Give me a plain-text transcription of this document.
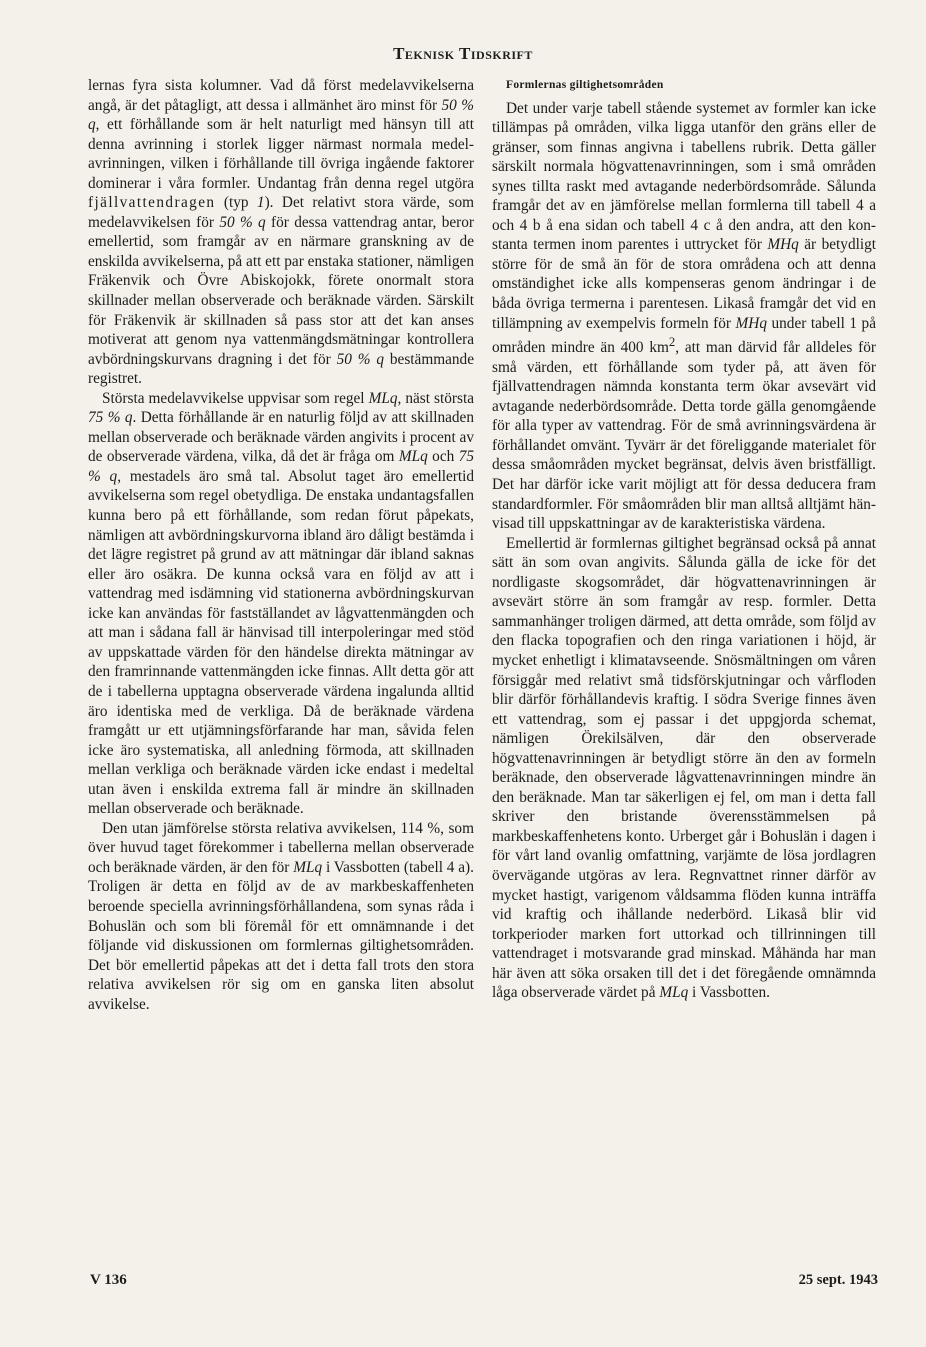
Teknisk Tidskrift

lernas fyra sista kolumner. Vad då först medelavvikelserna angå, är det påtagligt, att dessa i allmänhet äro minst för 50 % q, ett förhållande som är helt naturligt med hänsyn till att denna avrinning i storlek ligger närmast normala medelavrinningen, vilken i förhållande till övriga ingående faktorer dominerar i våra formler. Undantag från denna regel utgöra fjällvattendragen (typ 1). Det relativt stora värde, som medelavvikelsen för 50 % q för dessa vattendrag antar, beror emellertid, som framgår av en närmare granskning av de enskilda avvikelserna, på att ett par enstaka stationer, nämligen Fräkenvik och Övre Abiskojokk, förete onormalt stora skillnader mellan observerade och beräknade värden. Särskilt för Fräkenvik är skillnaden så pass stor att det kan anses motiverat att genom nya vattenmängdsmätningar kontrollera avbördningskurvans dragning i det för 50 % q bestämmande registret.

Största medelavvikelse uppvisar som regel MLq, näst största 75 % q. Detta förhållande är en naturlig följd av att skillnaden mellan observerade och beräknade värden angivits i procent av de observerade värdena, vilka, då det är fråga om MLq och 75 % q, mestadels äro små tal. Absolut taget äro emellertid avvikelserna som regel obetydliga. De enstaka undantagsfallen kunna bero på ett förhållande, som redan förut påpekats, nämligen att avbördningskurvorna ibland äro dåligt bestämda i det lägre registret på grund av att mätningar där ibland saknas eller äro osäkra. De kunna också vara en följd av att i vattendrag med isdämning vid stationerna avbördningskurvan icke kan användas för fastställandet av lågvattenmängden och att man i sådana fall är hänvisad till interpoleringar med stöd av uppskattade värden för den händelse direkta mätningar av den framrinnande vattenmängden icke finnas. Allt detta gör att de i tabellerna upptagna observerade värdena ingalunda alltid äro identiska med de verkliga. Då de beräknade värdena framgått ur ett utjämningsförfarande har man, såvida felen icke äro systematiska, all anledning förmoda, att skillnaden mellan verkliga och beräknade värden icke endast i medeltal utan även i enskilda extrema fall är mindre än skillnaden mellan observerade och beräknade.

Den utan jämförelse största relativa avvikelsen, 114 %, som över huvud taget förekommer i tabellerna mellan observerade och beräknade värden, är den för MLq i Vassbotten (tabell 4 a). Troligen är detta en följd av de av markbeskaffenheten beroende speciella avrinningsförhållandena, som synas råda i Bohuslän och som bli föremål för ett omnämnande i det följande vid diskussionen om formlernas giltighetsområden. Det bör emellertid påpekas att det i detta fall trots den stora relativa avvikelsen rör sig om en ganska liten absolut avvikelse.

Formlernas giltighetsområden

Det under varje tabell stående systemet av formler kan icke tillämpas på områden, vilka ligga utanför den gräns eller de gränser, som finnas angivna i tabellens rubrik. Detta gäller särskilt normala högvattenavrinningen, som i små områden synes tillta raskt med avtagande nederbördsområde. Sålunda framgår det av en jämförelse mellan formlerna till tabell 4 a och 4 b å ena sidan och tabell 4 c å den andra, att den konstanta termen inom parentes i uttrycket för MHq är betydligt större för de små än för de stora områdena och att denna omständighet icke alls kompenseras genom ändringar i de båda övriga termerna i parentesen. Likaså framgår det vid en tillämpning av exempelvis formeln för MHq under tabell 1 på områden mindre än 400 $km^2$, att man därvid får alldeles för små värden, ett förhållande som tyder på, att även för fjällvattendragen nämnda konstanta term ökar avsevärt vid avtagande nederbördsområde. Detta torde gälla genomgående för alla typer av vattendrag. För de små avrinningsvärdena är förhållandet omvänt. Tyvärr är det föreliggande materialet för dessa småområden mycket begränsat, delvis även bristfälligt. Det har därför icke varit möjligt att för dessa deducera fram standardformler. För småområden blir man alltså alltjämt hänvisad till uppskattningar av de karakteristiska värdena.

Emellertid är formlernas giltighet begränsad också på annat sätt än som ovan angivits. Sålunda gälla de icke för det nordligaste skogsområdet, där högvattenavrinningen är avsevärt större än som framgår av resp. formler. Detta sammanhänger troligen därmed, att detta område, som följd av den flacka topografien och den ringa variationen i höjd, är mycket enhetligt i klimatavseende. Snösmältningen om våren försiggår med relativt små tidsförskjutningar och vårfloden blir därför förhållandevis kraftig. I södra Sverige finnes även ett vattendrag, som ej passar i det uppgjorda schemat, nämligen Örekilsälven, där den observerade högvattenavrinningen är betydligt större än den av formeln beräknade, den observerade lågvattenavrinningen mindre än den beräknade. Man tar säkerligen ej fel, om man i detta fall skriver den bristande överensstämmelsen på markbeskaffenhetens konto. Urberget går i Bohuslän i dagen i för vårt land ovanlig omfattning, varjämte de lösa jordlagren övervägande utgöras av lera. Regnvattnet rinner därför av mycket hastigt, varigenom våldsamma flöden kunna inträffa vid kraftig och ihållande nederbörd. Likaså blir vid torkperioder marken fort uttorkad och tillrinningen till vattendraget i motsvarande grad minskad. Måhända har man här även att söka orsaken till det i det föregående omnämnda låga observerade värdet på MLq i Vassbotten.

V 136	25 sept. 1943
